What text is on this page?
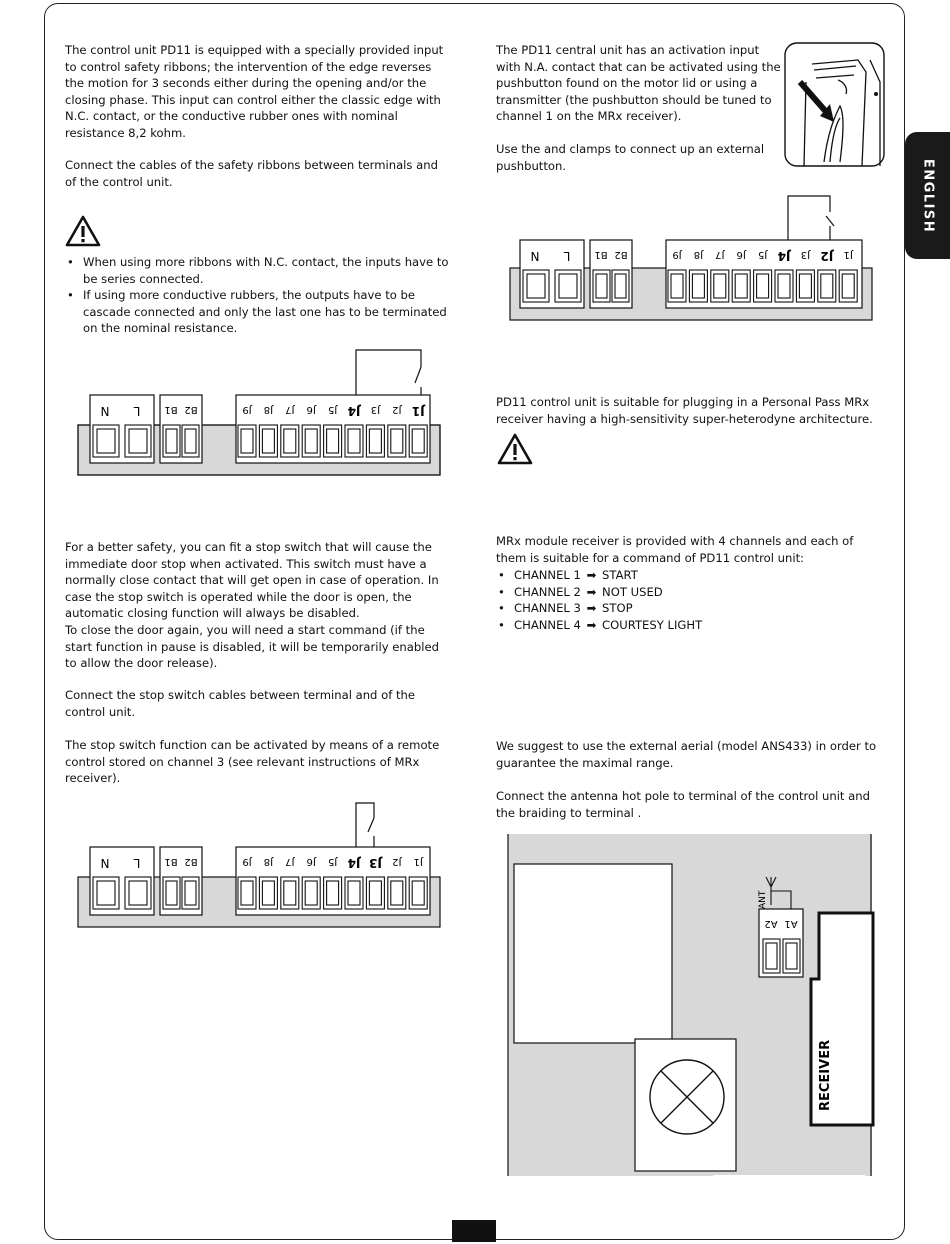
ENGLISH
The control unit PD11 is equipped with a specially provided input to control safety ribbons; the intervention of the edge reverses the motion for 3 seconds either during the opening and/or the closing phase. This input can control either the classic edge with N.C. contact, or the conductive rubber ones with nominal resistance 8,2 kohm.
Connect the cables of the safety ribbons between terminals and of the control unit.
• When using more ribbons with N.C. contact, the inputs have to be series connected.
• If using more conductive rubbers, the outputs have to be cascade connected and only the last one has to be terminated on the nominal resistance.
N L B1 B2	J9 J8 J7 J6 J5 J4 J3 J2 J1

For a better safety, you can fit a stop switch that will cause the immediate door stop when activated. This switch must have a normally close contact that will get open in case of operation. In case the stop switch is operated while the door is open, the automatic closing function will always be disabled.

To close the door again, you will need a start command (if the start function in pause is disabled, it will be temporarily enabled to allow the door release).

Connect the stop switch cables between terminal and of the control unit.
The stop switch function can be activated by means of a remote control stored on channel 3 (see relevant instructions of MRx receiver).
N L B1 B2	J9 J8 J7 J6 J5 J4 J3 J2 J1
The PD11 central unit has an activation input with N.A. contact that can be activated using the pushbutton found on the motor lid or using a transmitter (the pushbutton should be tuned to channel 1 on the MRx receiver).
Use the and clamps to connect up an external pushbutton.
N L B1 B2	J9 J8 J7 J6 J5 J4 J3 J2 J1
PD11 control unit is suitable for plugging in a Personal Pass MRx receiver having a high-sensitivity super-heterodyne architecture.
MRx module receiver is provided with 4 channels and each of them is suitable for a command of PD11 control unit:
• CHANNEL 1 ➡ START
• CHANNEL 2 ➡ NOT USED
• CHANNEL 3 ➡ STOP
• CHANNEL 4 ➡ COURTESY LIGHT
We suggest to use the external aerial (model ANS433) in order to guarantee the maximal range.
Connect the antenna hot pole to terminal of the control unit and the braiding to terminal .
RECEIVER
A2 A1
ANT
